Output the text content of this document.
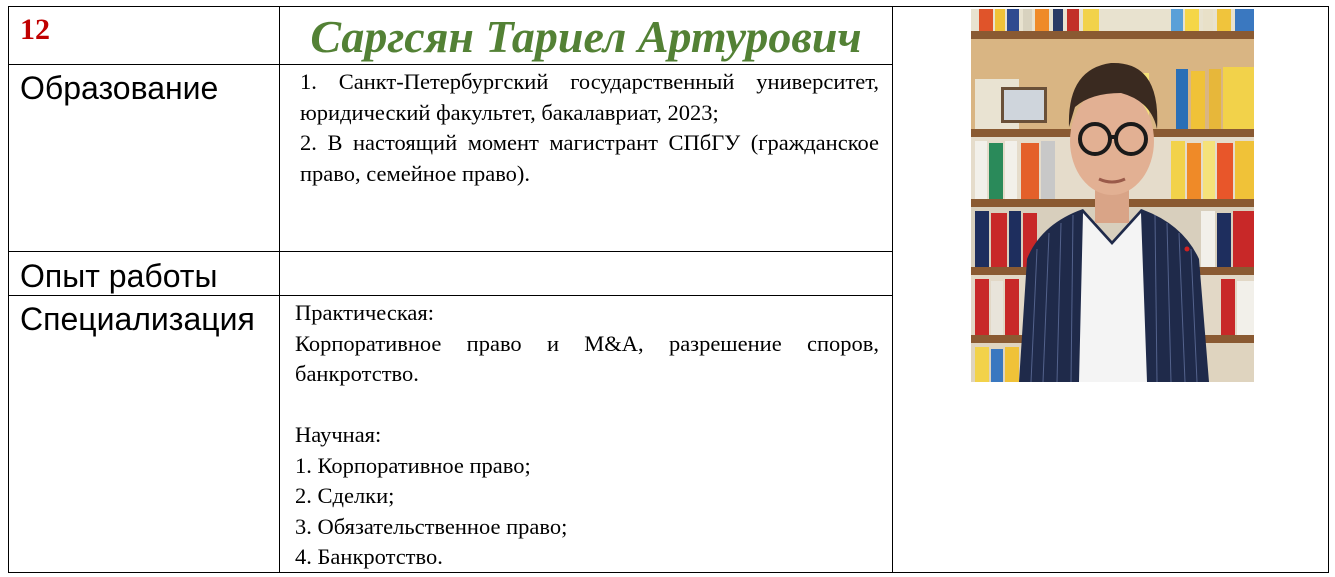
12	Саргсян Тариел Артурович
Образование	1. Санкт-Петербургский государственный университет, юридический факультет, бакалавриат, 2023;

2. В настоящий момент магистрант СПбГУ (гражданское право, семейное право).

Опыт работы
Специализация Практическая:

Корпоративное право и M&A, разрешение споров, банкротство.

Научная:

1. Корпоративное право;

2. Сделки;

3. Обязательственное право;

4. Банкротство.
